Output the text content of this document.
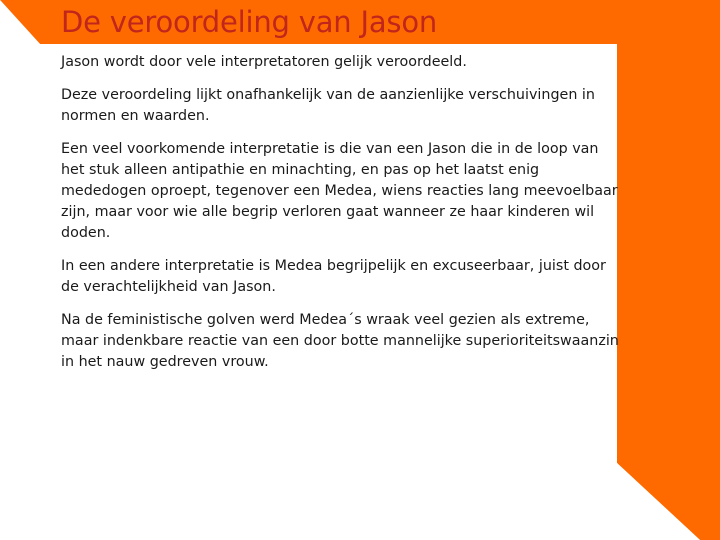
De veroordeling van Jason

Jason wordt door vele interpretatoren gelijk veroordeeld.

Deze veroordeling lijkt onafhankelijk van de aanzienlijke verschuivingen in normen en waarden.

Een veel voorkomende interpretatie is die van een Jason die in de loop van het stuk alleen antipathie en minachting, en pas op het laatst enig mededogen oproept, tegenover een Medea, wiens reacties lang meevoelbaar zijn, maar voor wie alle begrip verloren gaat wanneer ze haar kinderen wil doden.

In een andere interpretatie is Medea begrijpelijk en excuseerbaar, juist door de verachtelijkheid van Jason.

Na de feministische golven werd Medea´s wraak veel gezien als extreme, maar indenkbare reactie van een door botte mannelijke superioriteitswaanzin in het nauw gedreven vrouw.
